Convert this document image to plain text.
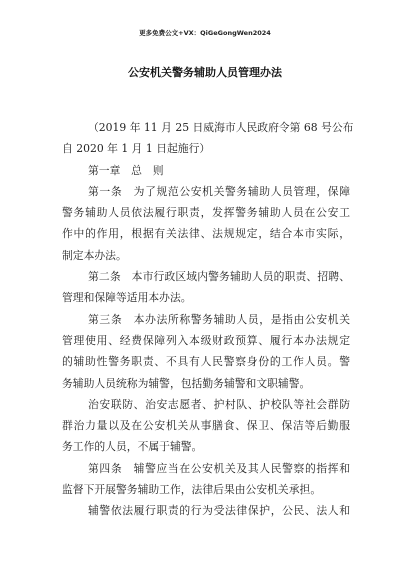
更多免费公文+VX：QiGeGongWen2024
公安机关警务辅助人员管理办法
（2019 年 11 月 25 日威海市人民政府令第 68 号公布
自 2020 年 1 月 1 日起施行）
第一章　总　则
第一条　为了规范公安机关警务辅助人员管理，保障
警务辅助人员依法履行职责，发挥警务辅助人员在公安工
作中的作用，根据有关法律、法规规定，结合本市实际，
制定本办法。
第二条　本市行政区域内警务辅助人员的职责、招聘、
管理和保障等适用本办法。
第三条　本办法所称警务辅助人员，是指由公安机关
管理使用、经费保障列入本级财政预算、履行本办法规定
的辅助性警务职责、不具有人民警察身份的工作人员。警
务辅助人员统称为辅警，包括勤务辅警和文职辅警。
治安联防、治安志愿者、护村队、护校队等社会群防
群治力量以及在公安机关从事膳食、保卫、保洁等后勤服
务工作的人员，不属于辅警。
第四条　辅警应当在公安机关及其人民警察的指挥和
监督下开展警务辅助工作，法律后果由公安机关承担。
辅警依法履行职责的行为受法律保护，公民、法人和
